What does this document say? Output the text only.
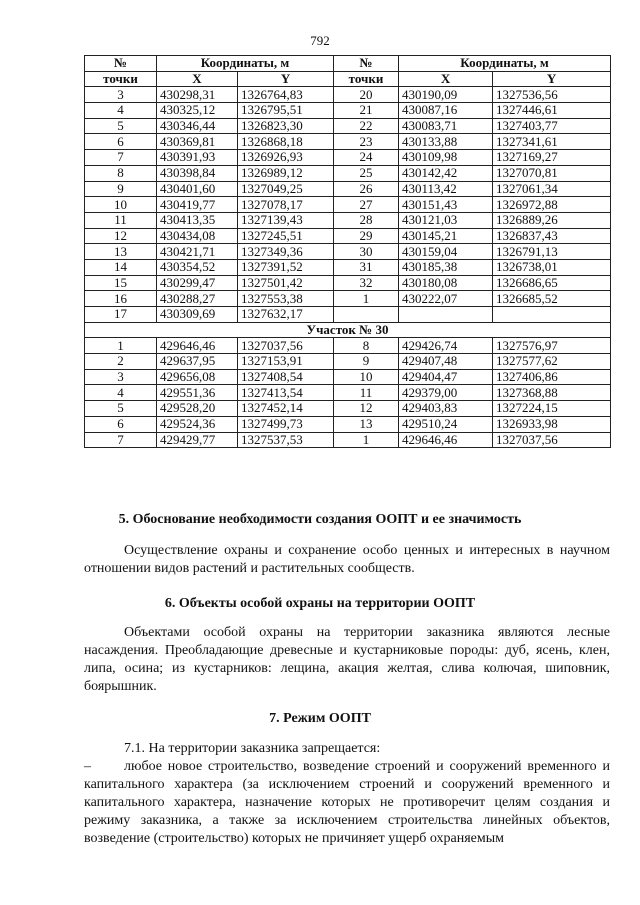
792
№	Координаты, м		№	Координаты, м	
точки	X	Y	точки	X	Y
3	430298,31	1326764,83	20	430190,09	1327536,56
4	430325,12	1326795,51	21	430087,16	1327446,61
5	430346,44	1326823,30	22	430083,71	1327403,77
6	430369,81	1326868,18	23	430133,88	1327341,61
7	430391,93	1326926,93	24	430109,98	1327169,27
8	430398,84	1326989,12	25	430142,42	1327070,81
9	430401,60	1327049,25	26	430113,42	1327061,34
10	430419,77	1327078,17	27	430151,43	1326972,88
11	430413,35	1327139,43	28	430121,03	1326889,26
12	430434,08	1327245,51	29	430145,21	1326837,43
13	430421,71	1327349,36	30	430159,04	1326791,13
14	430354,52	1327391,52	31	430185,38	1326738,01
15	430299,47	1327501,42	32	430180,08	1326686,65
16	430288,27	1327553,38	1	430222,07	1326685,52
17	430309,69	1327632,17			
Участок № 30					
1	429646,46	1327037,56	8	429426,74	1327576,97
2	429637,95	1327153,91	9	429407,48	1327577,62
3	429656,08	1327408,54	10	429404,47	1327406,86
4	429551,36	1327413,54	11	429379,00	1327368,88
5	429528,20	1327452,14	12	429403,83	1327224,15
6	429524,36	1327499,73	13	429510,24	1326933,98
7	429429,77	1327537,53	1	429646,46	1327037,56
5. Обоснование необходимости создания ООПТ и ее значимость
Осуществление охраны и сохранение особо ценных и интересных в научном отношении видов растений и растительных сообществ.
6. Объекты особой охраны на территории ООПТ
Объектами особой охраны на территории заказника являются лесные насаждения. Преобладающие древесные и кустарниковые породы: дуб, ясень, клен, липа, осина; из кустарников: лещина, акация желтая, слива колючая, шиповник, боярышник.
7. Режим ООПТ
7.1. На территории заказника запрещается:
– любое новое строительство, возведение строений и сооружений временного и капитального характера (за исключением строений и сооружений временного и капитального характера, назначение которых не противоречит целям создания и режиму заказника, а также за исключением строительства линейных объектов, возведение (строительство) которых не причиняет ущерб охраняемым
